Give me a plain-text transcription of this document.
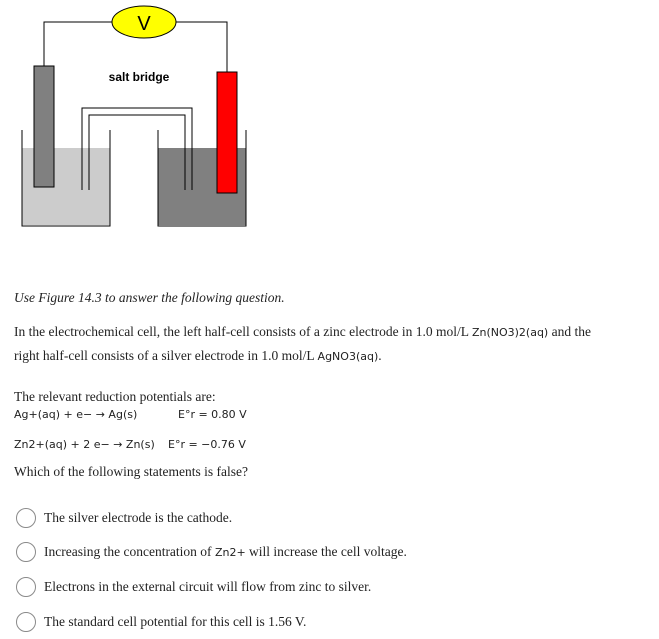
V
salt bridge
Use Figure 14.3 to answer the following question.
In the electrochemical cell, the left half-cell consists of a zinc electrode in 1.0 mol/L Zn(NO3)2(aq) and the
right half-cell consists of a silver electrode in 1.0 mol/L AgNO3(aq).
The relevant reduction potentials are:
Ag+(aq) + e− → Ag(s)	E°r = 0.80 V
Zn2+(aq) + 2 e− → Zn(s) E°r = −0.76 V
Which of the following statements is false?
The silver electrode is the cathode.
Increasing the concentration of Zn2+ will increase the cell voltage.
Electrons in the external circuit will flow from zinc to silver.
The standard cell potential for this cell is 1.56 V.
